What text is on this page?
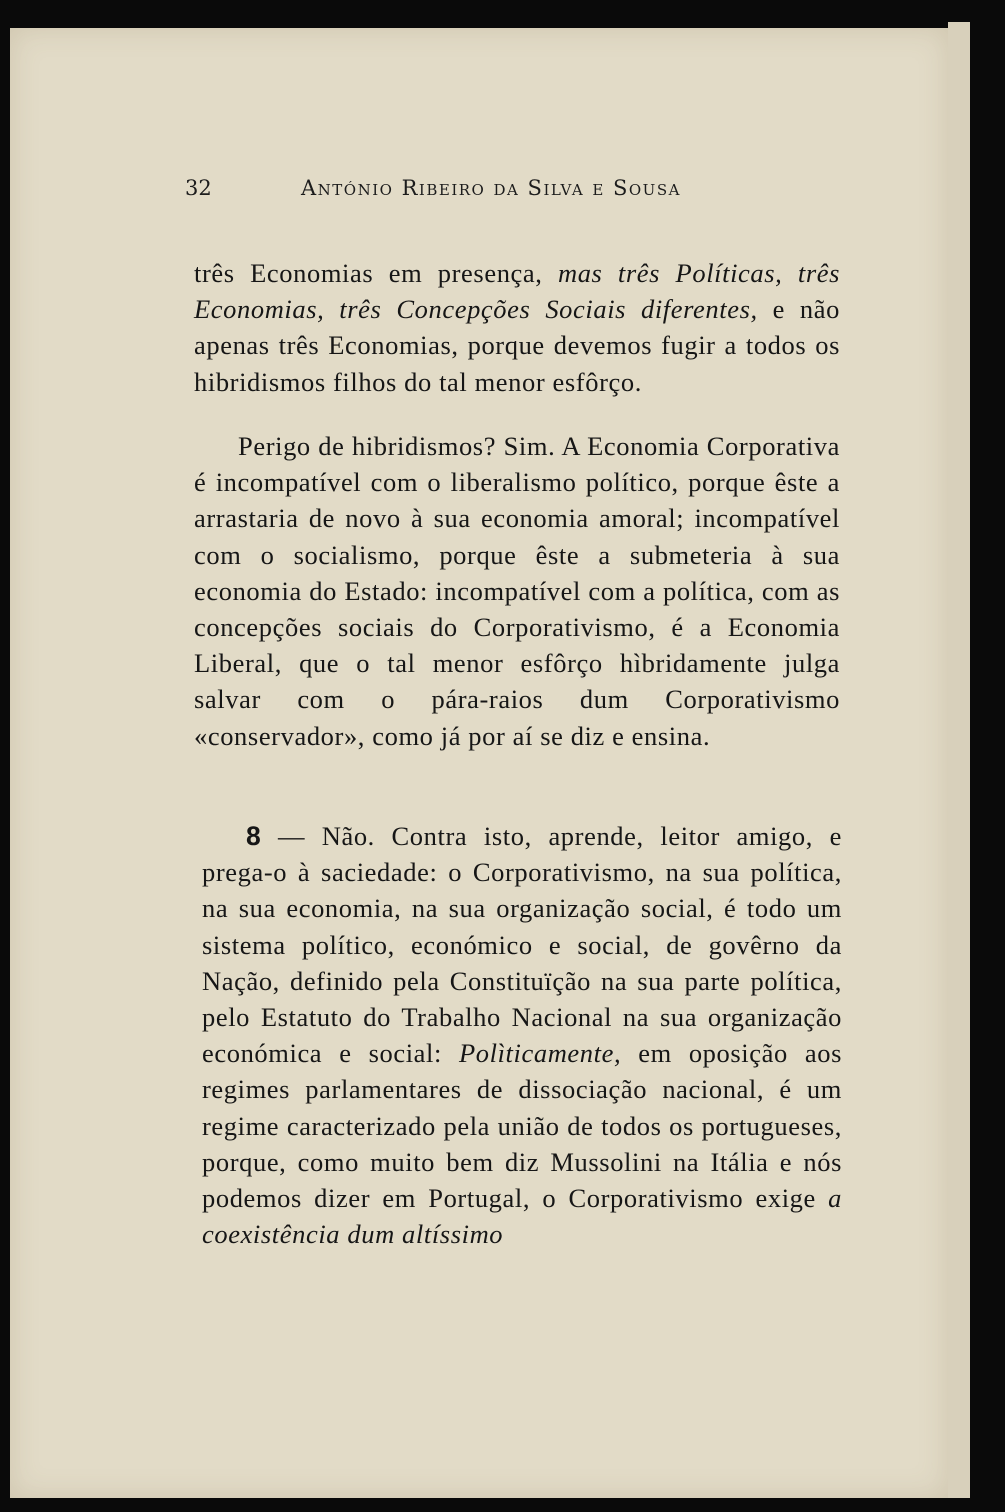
32	António Ribeiro da Silva e Sousa

três Economias em presença, mas três Políticas, três Economias, três Concepções Sociais diferentes, e não apenas três Economias, porque devemos fugir a todos os hibridismos filhos do tal menor esfôrço.

Perigo de hibridismos? Sim. A Economia Corporativa é incompatível com o liberalismo político, porque êste a arrastaria de novo à sua economia amoral; incompatível com o socialismo, porque êste a submeteria à sua economia do Estado: incompatível com a política, com as concepções sociais do Corporativismo, é a Economia Liberal, que o tal menor esfôrço hìbridamente julga salvar com o pára-raios dum Corporativismo «conservador», como já por aí se diz e ensina.

8 — Não. Contra isto, aprende, leitor amigo, e prega-o à saciedade: o Corporativismo, na sua política, na sua economia, na sua organização social, é todo um sistema político, económico e social, de govêrno da Nação, definido pela Constituïção na sua parte política, pelo Estatuto do Trabalho Nacional na sua organização económica e social: Polìticamente, em oposição aos regimes parlamentares de dissociação nacional, é um regime caracterizado pela união de todos os portugueses, porque, como muito bem diz Mussolini na Itália e nós podemos dizer em Portugal, o Corporativismo exige a coexistência dum altíssimo
